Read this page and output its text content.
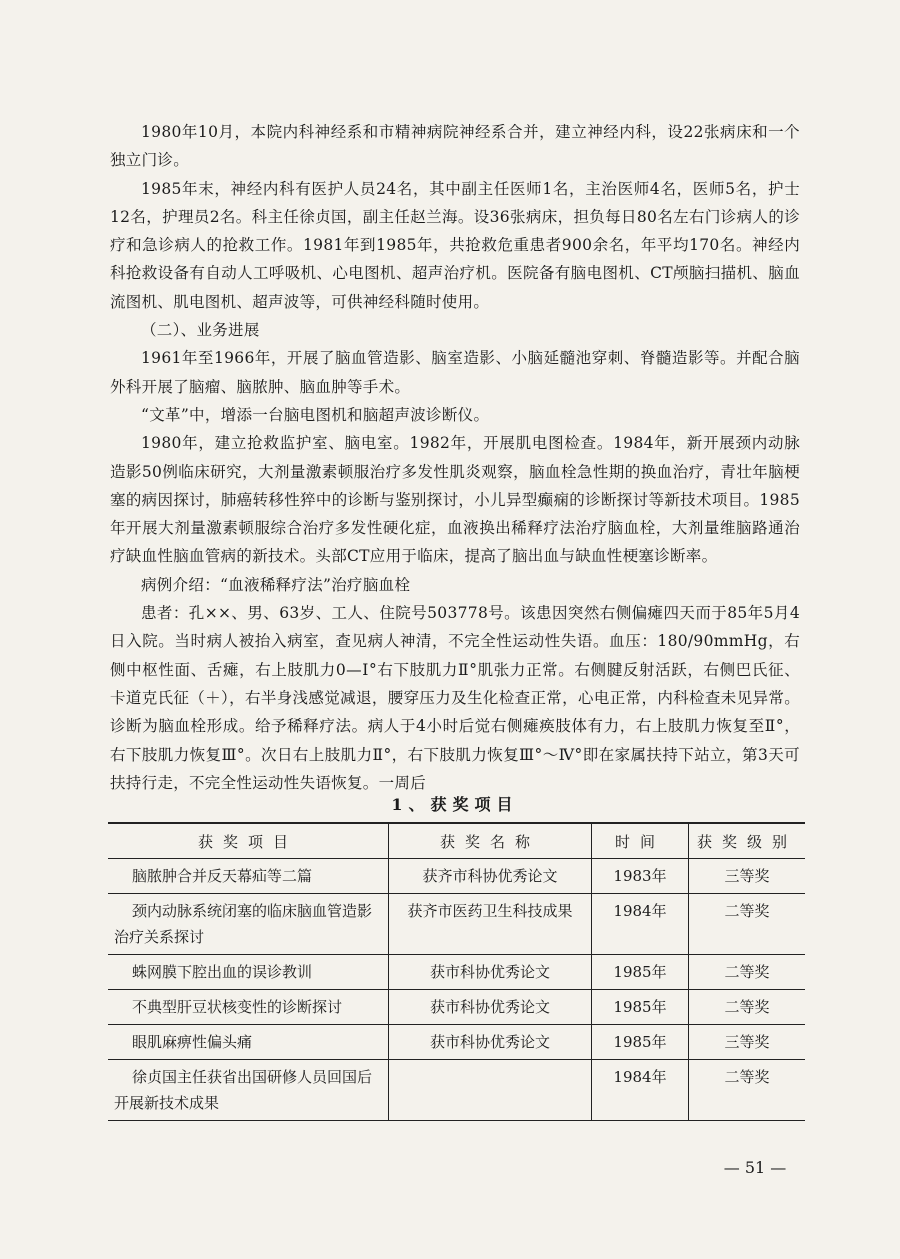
1980年10月，本院内科神经系和市精神病院神经系合并，建立神经内科，设22张病床和一个独立门诊。

1985年末，神经内科有医护人员24名，其中副主任医师1名，主治医师4名，医师5名，护士12名，护理员2名。科主任徐贞国，副主任赵兰海。设36张病床，担负每日80名左右门诊病人的诊疗和急诊病人的抢救工作。1981年到1985年，共抢救危重患者900余名，年平均170名。神经内科抢救设备有自动人工呼吸机、心电图机、超声治疗机。医院备有脑电图机、CT颅脑扫描机、脑血流图机、肌电图机、超声波等，可供神经科随时使用。

（二）、业务进展

1961年至1966年，开展了脑血管造影、脑室造影、小脑延髓池穿刺、脊髓造影等。并配合脑外科开展了脑瘤、脑脓肿、脑血肿等手术。

“文革”中，增添一台脑电图机和脑超声波诊断仪。

1980年，建立抢救监护室、脑电室。1982年，开展肌电图检查。1984年，新开展颈内动脉造影50例临床研究，大剂量激素顿服治疗多发性肌炎观察，脑血栓急性期的换血治疗，青壮年脑梗塞的病因探讨，肺癌转移性猝中的诊断与鉴别探讨，小儿异型癫痫的诊断探讨等新技术项目。1985年开展大剂量激素顿服综合治疗多发性硬化症，血液换出稀释疗法治疗脑血栓，大剂量维脑路通治疗缺血性脑血管病的新技术。头部CT应用于临床，提高了脑出血与缺血性梗塞诊断率。

病例介绍：“血液稀释疗法”治疗脑血栓

患者：孔××、男、63岁、工人、住院号503778号。该患因突然右侧偏瘫四天而于85年5月4日入院。当时病人被抬入病室，查见病人神清，不完全性运动性失语。血压：180/90mmHg，右侧中枢性面、舌瘫，右上肢肌力0—Ⅰ°右下肢肌力Ⅱ°肌张力正常。右侧腱反射活跃，右侧巴氏征、卡道克氏征（＋），右半身浅感觉减退，腰穿压力及生化检查正常，心电正常，内科检查未见异常。诊断为脑血栓形成。给予稀释疗法。病人于4小时后觉右侧瘫痪肢体有力，右上肢肌力恢复至Ⅱ°，右下肢肌力恢复Ⅲ°。次日右上肢肌力Ⅱ°，右下肢肌力恢复Ⅲ°～Ⅳ°即在家属扶持下站立，第3天可扶持行走，不完全性运动性失语恢复。一周后

1、获奖项目
获奖项目	获奖名称	时间	获奖级别
脑脓肿合并反天幕疝等二篇	获齐市科协优秀论文	1983年	三等奖
颈内动脉系统闭塞的临床脑血管造影治疗关系探讨	获齐市医药卫生科技成果	1984年	二等奖
蛛网膜下腔出血的误诊教训	获市科协优秀论文	1985年	二等奖
不典型肝豆状核变性的诊断探讨	获市科协优秀论文	1985年	二等奖
眼肌麻痹性偏头痛	获市科协优秀论文	1985年	三等奖
徐贞国主任获省出国研修人员回国后开展新技术成果		1984年	二等奖
— 51 —
